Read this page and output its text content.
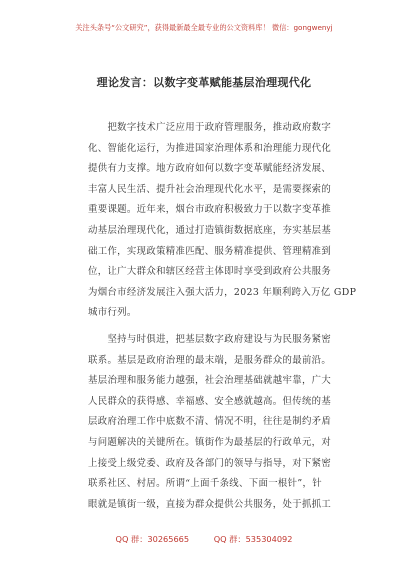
关注头条号“公文研究”，获得最新最全最专业的公文资料库！ 微信：gongwenyj
理论发言：以数字变革赋能基层治理现代化

　　把数字技术广泛应用于政府管理服务，推动政府数字
化、智能化运行，为推进国家治理体系和治理能力现代化
提供有力支撑。地方政府如何以数字变革赋能经济发展、
丰富人民生活、提升社会治理现代化水平，是需要探索的
重要课题。近年来，烟台市政府积极致力于以数字变革推
动基层治理现代化，通过打造镇街数据底座，夯实基层基
础工作，实现政策精准匹配、服务精准提供、管理精准到
位，让广大群众和辖区经营主体即时享受到政府公共服务
为烟台市经济发展注入强大活力，2023 年顺利跨入万亿 GDP
城市行列。

　　坚持与时俱进，把基层数字政府建设与为民服务紧密
联系。基层是政府治理的最末端，是服务群众的最前沿。
基层治理和服务能力越强，社会治理基础就越牢靠，广大
人民群众的获得感、幸福感、安全感就越高。但传统的基
层政府治理工作中底数不清、情况不明，往往是制约矛盾
与问题解决的关键所在。镇街作为最基层的行政单元，对
上接受上级党委、政府及各部门的领导与指导，对下紧密
联系社区、村居。所谓“上面千条线、下面一根针”，针
眼就是镇街一级，直接为群众提供公共服务，处于抓抓工

QQ 群：30265665	QQ 群：535304092
